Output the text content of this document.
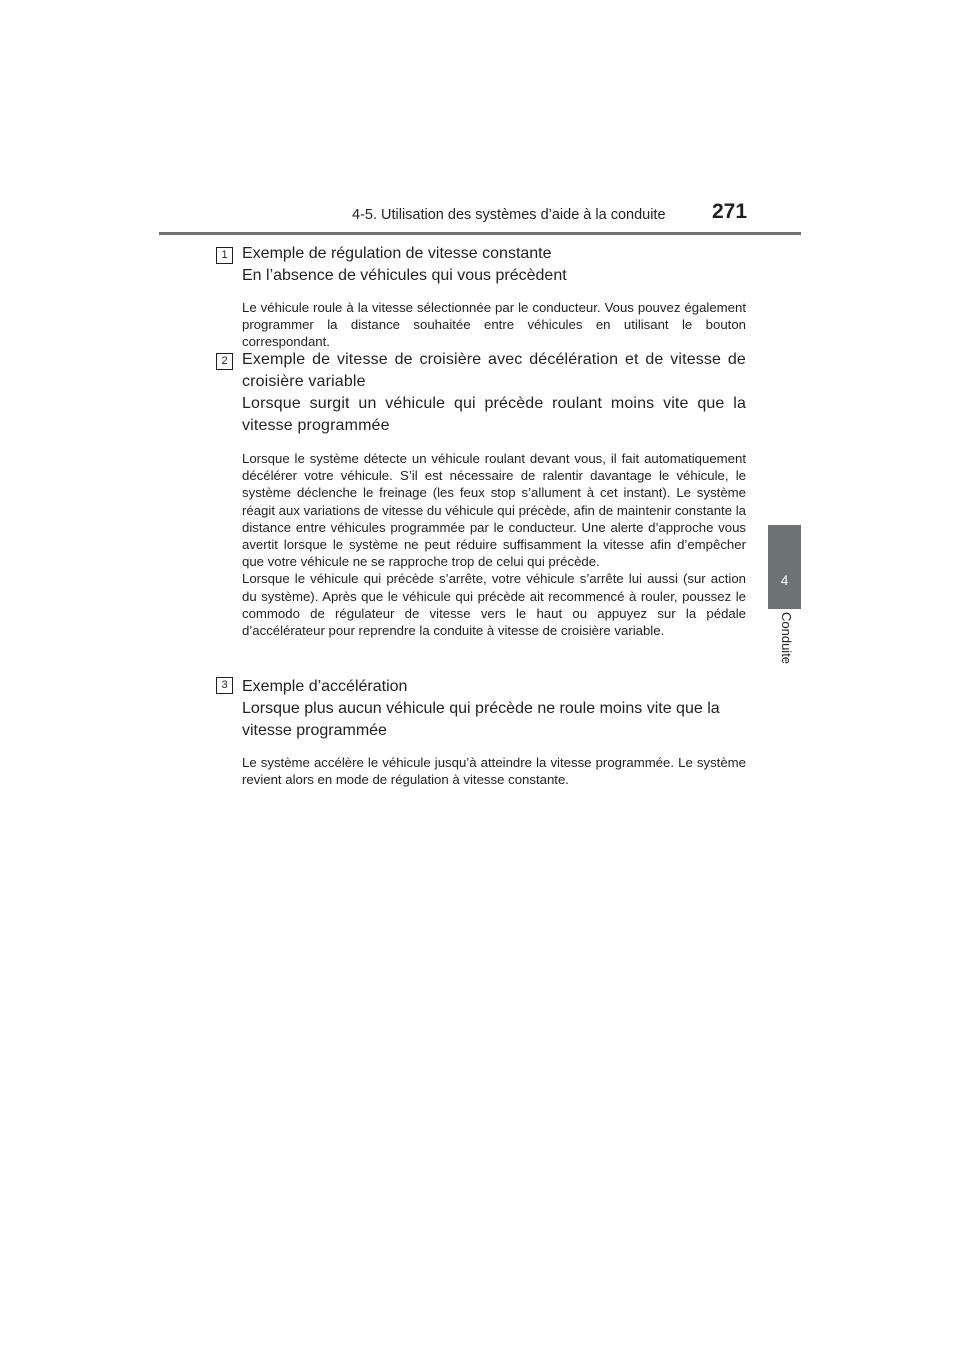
4-5. Utilisation des systèmes d’aide à la conduite 271
4
Conduite
1 Exemple de régulation de vitesse constante

En l’absence de véhicules qui vous précèdent

Le véhicule roule à la vitesse sélectionnée par le conducteur. Vous pouvez également programmer la distance souhaitée entre véhicules en utilisant le bouton correspondant.

2 Exemple de vitesse de croisière avec décélération et de vitesse de croisière variable

Lorsque surgit un véhicule qui précède roulant moins vite que la vitesse programmée

Lorsque le système détecte un véhicule roulant devant vous, il fait automatiquement décélérer votre véhicule. S’il est nécessaire de ralentir davantage le véhicule, le système déclenche le freinage (les feux stop s’allument à cet instant). Le système réagit aux variations de vitesse du véhicule qui précède, afin de maintenir constante la distance entre véhicules programmée par le conducteur. Une alerte d’approche vous avertit lorsque le système ne peut réduire suffisamment la vitesse afin d’empêcher que votre véhicule ne se rapproche trop de celui qui précède.

Lorsque le véhicule qui précède s’arrête, votre véhicule s’arrête lui aussi (sur action du système). Après que le véhicule qui précède ait recommencé à rouler, poussez le commodo de régulateur de vitesse vers le haut ou appuyez sur la pédale d’accélérateur pour reprendre la conduite à vitesse de croisière variable.

3 Exemple d’accélération

Lorsque plus aucun véhicule qui précède ne roule moins vite que la vitesse programmée

Le système accélère le véhicule jusqu’à atteindre la vitesse programmée. Le système revient alors en mode de régulation à vitesse constante.
